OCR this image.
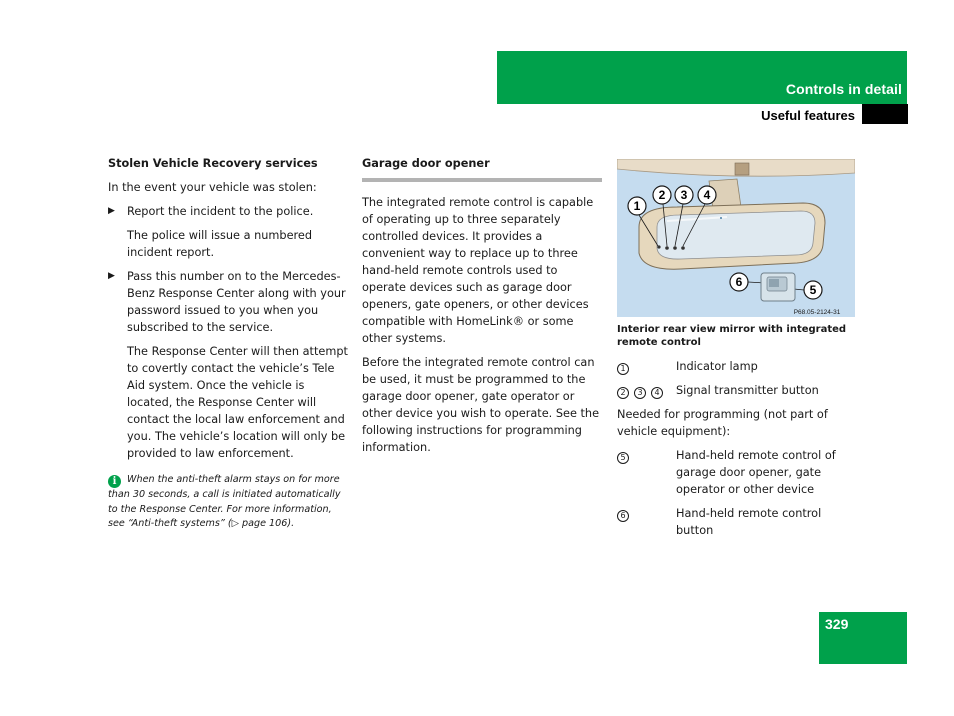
Controls in detail
Useful features
Stolen Vehicle Recovery services

In the event your vehicle was stolen:

▶ Report the incident to the police.
The police will issue a numbered incident report.
▶ Pass this number on to the Mercedes-Benz Response Center along with your password issued to you when you subscribed to the service.
The Response Center will then attempt to covertly contact the vehicle’s Tele Aid system. Once the vehicle is located, the Response Center will contact the local law enforcement and you. The vehicle’s location will only be provided to law enforcement.
i When the anti-theft alarm stays on for more than 30 seconds, a call is initiated automatically to the Response Center. For more information, see “Anti-theft systems” (▷ page 106).
Garage door opener

The integrated remote control is capable of operating up to three separately controlled devices. It provides a convenient way to replace up to three hand-held remote controls used to operate devices such as garage door openers, gate openers, or other devices compatible with HomeLink® or some other systems.

Before the integrated remote control can be used, it must be programmed to the garage door opener, gate operator or other device you wish to operate. See the following instructions for programming information.

1
2 3 4
6
5
P68.05-2124-31
Interior rear view mirror with integrated remote control
1	Indicator lamp
2 3 4	Signal transmitter button

Needed for programming (not part of vehicle equipment):

5	Hand-held remote control of garage door opener, gate operator or other device
6	Hand-held remote control button
329
